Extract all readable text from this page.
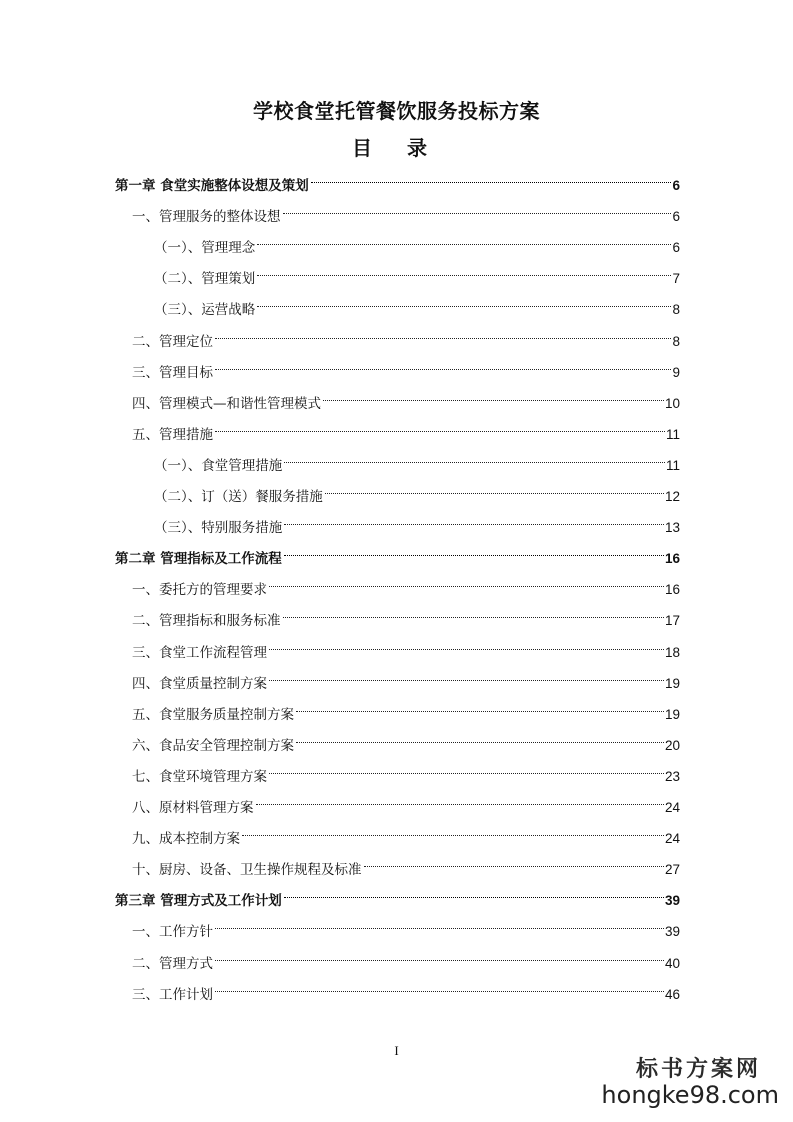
学校食堂托管餐饮服务投标方案
目 录
第一章 食堂实施整体设想及策划	6
一、管理服务的整体设想	6
（一）、管理理念	6
（二）、管理策划	7
（三）、运营战略	8
二、管理定位	8
三、管理目标	9
四、管理模式—和谐性管理模式	10
五、管理措施	11
（一）、食堂管理措施	11
（二）、订（送）餐服务措施	12
（三）、特别服务措施	13
第二章 管理指标及工作流程	16
一、委托方的管理要求	16
二、管理指标和服务标准	17
三、食堂工作流程管理	18
四、食堂质量控制方案	19
五、食堂服务质量控制方案	19
六、食品安全管理控制方案	20
七、食堂环境管理方案	23
八、原材料管理方案	24
九、成本控制方案	24
十、厨房、设备、卫生操作规程及标准	27
第三章 管理方式及工作计划	39
一、工作方针	39
二、管理方式	40
三、工作计划	46
I
标书方案网
hongke98.com
